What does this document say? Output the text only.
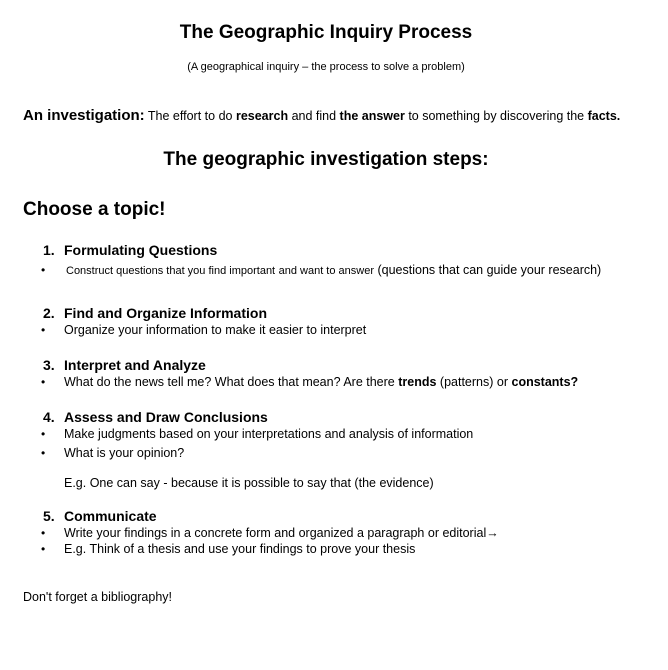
The Geographic Inquiry Process
(A geographical inquiry – the process to solve a problem)
An investigation: The effort to do research and find the answer to something by discovering the facts.
The geographic investigation steps:
Choose a topic!
1. Formulating Questions
• Construct questions that you find important and want to answer (questions that can guide your research)
2. Find and Organize Information
• Organize your information to make it easier to interpret
3. Interpret and Analyze
• What do the news tell me? What does that mean? Are there trends (patterns) or constants?
4. Assess and Draw Conclusions
• Make judgments based on your interpretations and analysis of information
• What is your opinion?
E.g. One can say - because it is possible to say that (the evidence)
5. Communicate
• Write your findings in a concrete form and organized a paragraph or editorial→
• E.g. Think of a thesis and use your findings to prove your thesis
Don't forget a bibliography!
